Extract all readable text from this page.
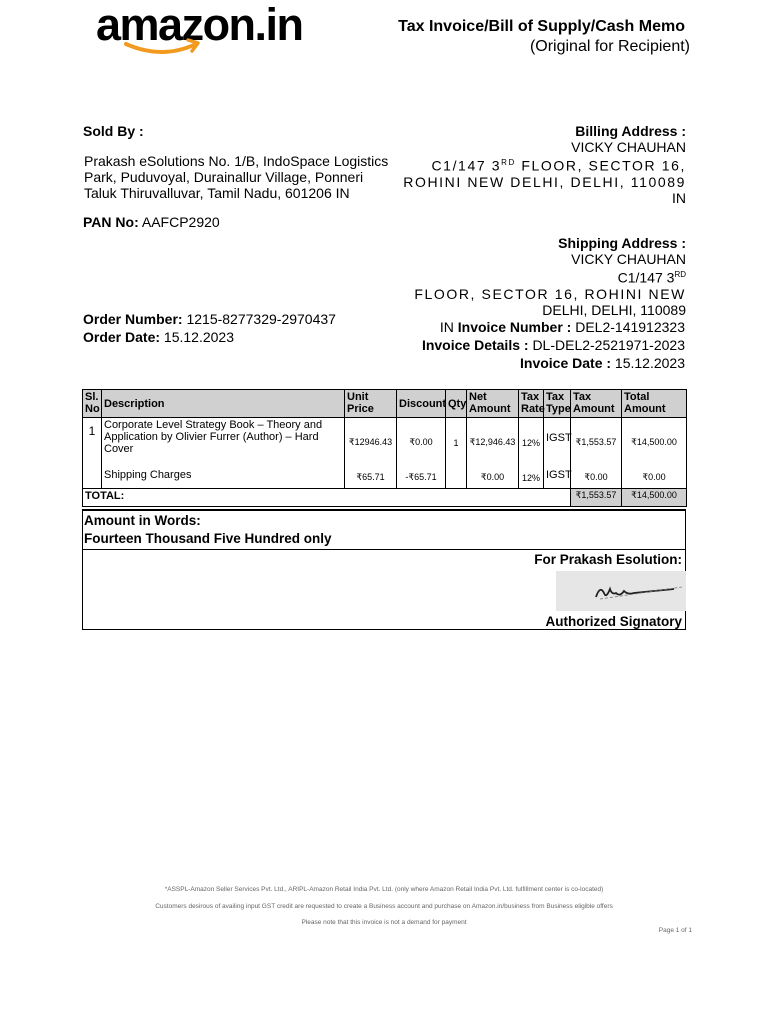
amazon.in	Tax Invoice/Bill of Supply/Cash Memo
(Original for Recipient)
Sold By :
Prakash eSolutions No. 1/B, IndoSpace Logistics
Park, Puduvoyal, Durainallur Village, Ponneri
Taluk Thiruvalluvar, Tamil Nadu, 601206 IN
PAN No: AAFCP2920
Billing Address :
VICKY CHAUHAN
C1/147 3RD FLOOR, SECTOR 16,
ROHINI NEW DELHI, DELHI, 110089
IN
Shipping Address :
VICKY CHAUHAN
C1/147 3RD
FLOOR, SECTOR 16, ROHINI NEW
DELHI, DELHI, 110089
Order Number: 1215-8277329-2970437
Order Date: 15.12.2023
IN Invoice Number : DEL2-141912323
Invoice Details : DL-DEL2-2521971-2023
Invoice Date : 15.12.2023
Sl. No	Description	Unit Price	Discount	Qty	Net Amount	Tax Rate	Tax Type	Tax Amount	Total Amount
1	Corporate Level Strategy Book – Theory and Application by Olivier Furrer (Author) – Hard Cover	₹12946.43	₹0.00	1	₹12,946.43	12%	IGST	₹1,553.57	₹14,500.00
	Shipping Charges	₹65.71	-₹65.71		₹0.00	12%	IGST	₹0.00	₹0.00
TOTAL:								₹1,553.57	₹14,500.00
Amount in Words:
Fourteen Thousand Five Hundred only
For Prakash Esolution:
Authorized Signatory
*ASSPL-Amazon Seller Services Pvt. Ltd., ARIPL-Amazon Retail India Pvt. Ltd. (only where Amazon Retail India Pvt. Ltd. fulfillment center is co-located)
Customers desirous of availing input GST credit are requested to create a Business account and purchase on Amazon.in/business from Business eligible offers
Please note that this invoice is not a demand for payment
Page 1 of 1
